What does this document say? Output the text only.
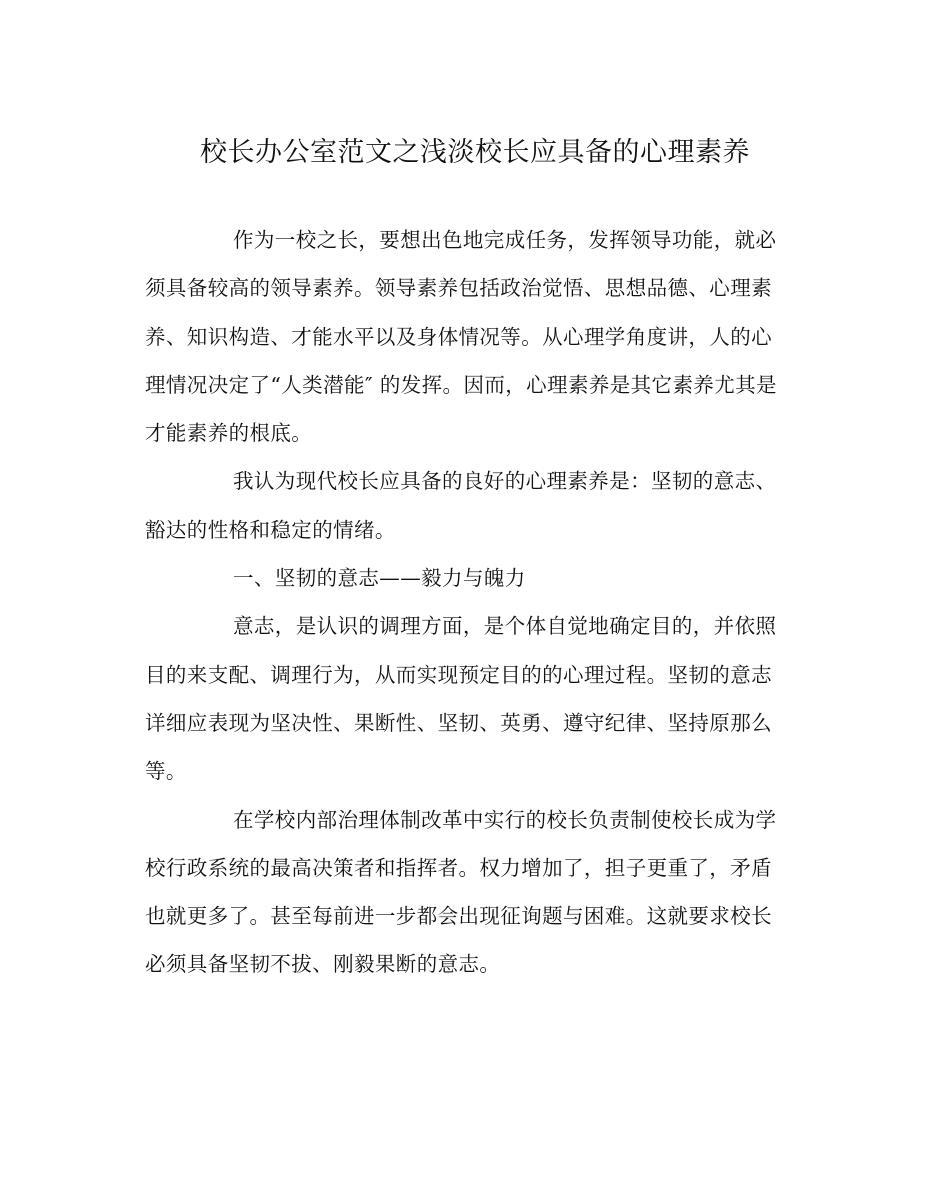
校长办公室范文之浅淡校长应具备的心理素养
作为一校之长，要想出色地完成任务，发挥领导功能，就必
须具备较高的领导素养。领导素养包括政治觉悟、思想品德、心理素
养、知识构造、才能水平以及身体情况等。从心理学角度讲，人的心
理情况决定了“人类潜能″ 的发挥。因而，心理素养是其它素养尤其是
才能素养的根底。
我认为现代校长应具备的良好的心理素养是：坚韧的意志、
豁达的性格和稳定的情绪。
一、坚韧的意志——毅力与魄力
意志，是认识的调理方面，是个体自觉地确定目的，并依照
目的来支配、调理行为，从而实现预定目的的心理过程。坚韧的意志
详细应表现为坚决性、果断性、坚韧、英勇、遵守纪律、坚持原那么
等。
在学校内部治理体制改革中实行的校长负责制使校长成为学
校行政系统的最高决策者和指挥者。权力增加了，担子更重了，矛盾
也就更多了。甚至每前进一步都会出现征询题与困难。这就要求校长
必须具备坚韧不拔、刚毅果断的意志。
